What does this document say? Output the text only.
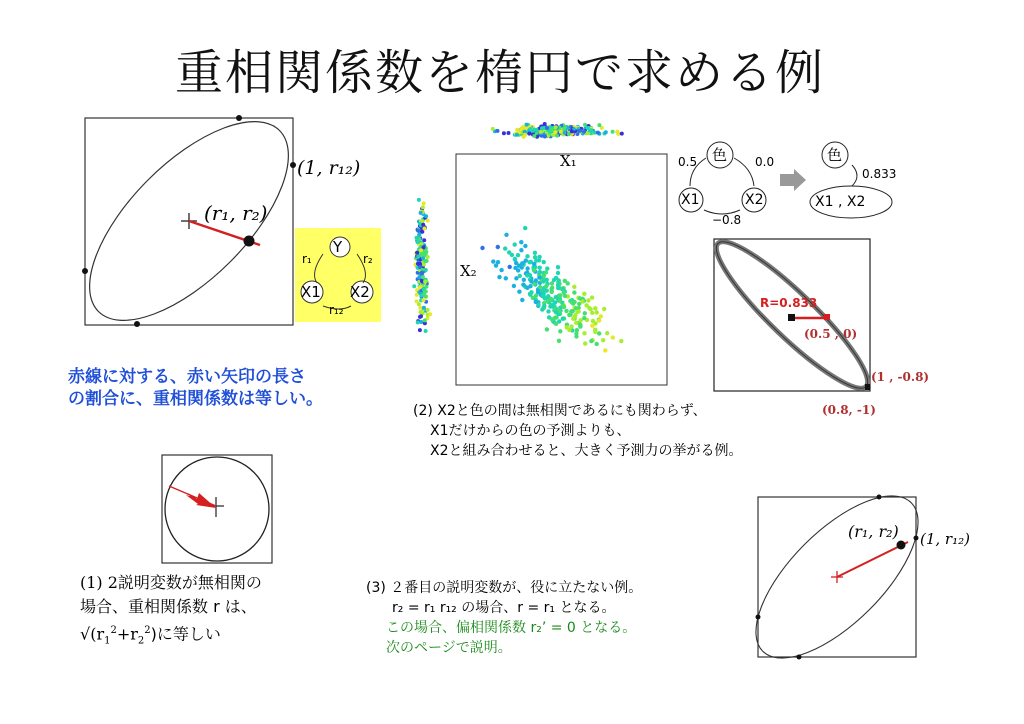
重相関係数を楕円で求める例
(1, r₁₂)
(r₁, r₂)
Y
r₁	r₂
X1 X2
r₁₂
赤線に対する、赤い矢印の長さ
の割合に、重相関係数は等しい。
X₁
X₂
色	色
X1	X2
0.5	0.0
−0.8
X1 , X2
0.833
R=0.833
(0.5 , 0)
(1 , -0.8)
(0.8, -1)
(2) X2と色の間は無相関であるにも関わらず、
X1だけからの色の予測よりも、
X2と組み合わせると、大きく予測力の挙がる例。
(1) 2説明変数が無相関の
場合、重相関係数 r は、
$√(r_1^2+r_2^2)$に等しい
(3) ２番目の説明変数が、役に立たない例。
r₂ = r₁ r₁₂ の場合、r = r₁ となる。
この場合、偏相関係数 r₂’ = 0 となる。
次のページで説明。
(r₁, r₂) (1, r₁₂)
